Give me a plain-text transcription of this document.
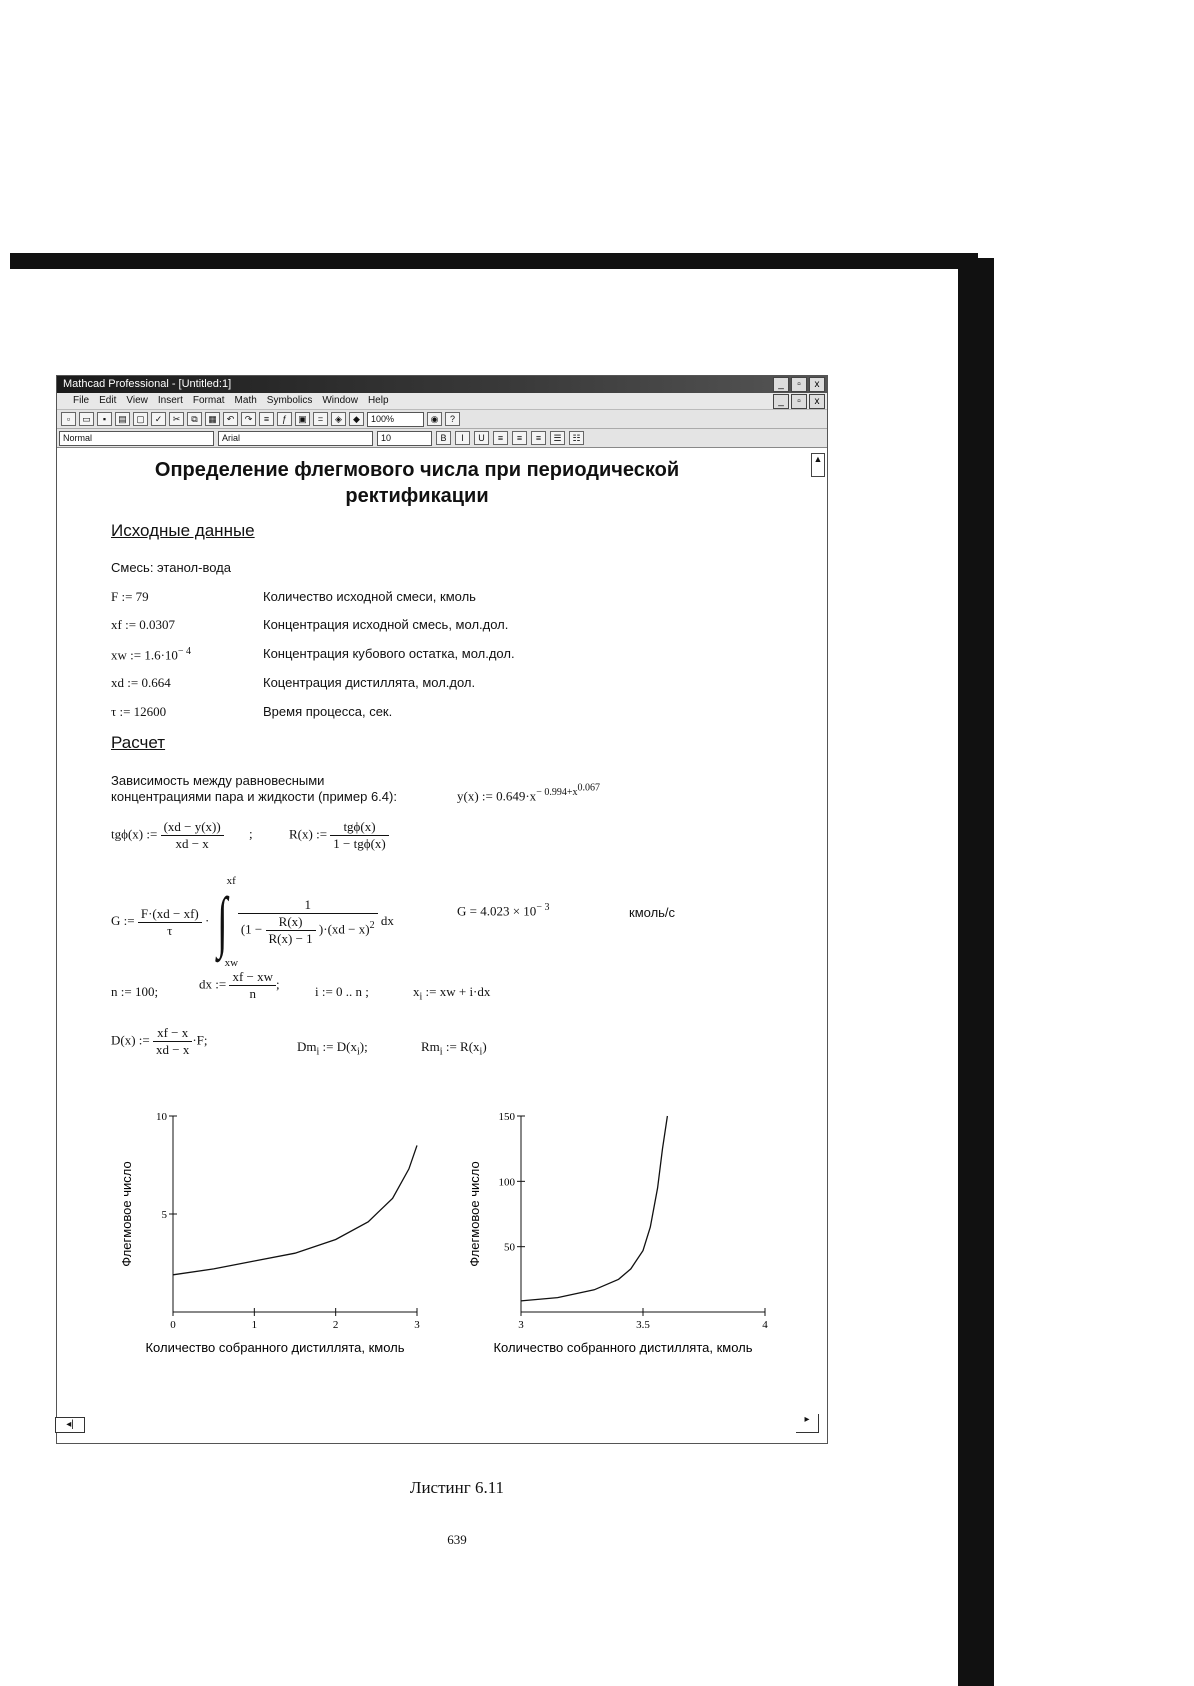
Mathcad Professional - [Untitled:1]	_	▫	x
File Edit View Insert Format Math Symbolics Window Help	_	▫	x
▫	▭	▪	▤	▢	✓	✂	⧉	▦	↶	↷	≡	ƒ	▣	=	◈	◆	100%	◉	?
Normal	Arial	10	B	I	U	≡	≡	≡	☰	☷
▲
Определение флегмового числа при периодической
ректификации
Исходные данные
Смесь: этанол-вода
F := 79	Количество исходной смеси, кмоль
xf := 0.0307	Концентрация исходной смесь, мол.дол.
xw := $1.6\cdot 10^{- 4}$	Концентрация кубового остатка, мол.дол.
xd := 0.664	Коцентрация дистиллята, мол.дол.
τ := 12600	Время процесса, сек.
Расчет
Зависимость между равновесными
концентрациями пара и жидкости (пример 6.4):	y(x) := $0.649\cdot x^{- 0.994+x^{0.067}}$
tgϕ(x) := $\frac{(xd - y(x))}{xd - x}$ ;	R(x) := $\frac{\text{tgϕ(x)}}{\text{1 − tgϕ(x)}}$
G := $\frac{F\cdot(xd - xf)}{\tau}$ · ∫
xf
xw

$\frac{1}{(1 - \frac{R(x)}{R(x) - 1} )\cdot(xd - x)^2}$ dx
$G = 4.023 \times 10^{- 3}$	кмоль/с
n := 100;
dx := $\frac{xf - xw}{n}$ ;
i := 0 .. n ;	$x_i$ := xw + i·dx
D(x) := $\frac{xf - x}{xd - x} \cdot F$;	$Dm_i$ := $D(x_i)$;	$Rm_i$ := $R(x_i)$
0	1	2	3
5
10
Флегмовое число
Количество собранного дистиллята, кмоль
3	3.5	4
50
100
150
Флегмовое число
Количество собранного дистиллята, кмоль
◂|	▸
Листинг 6.11
639
